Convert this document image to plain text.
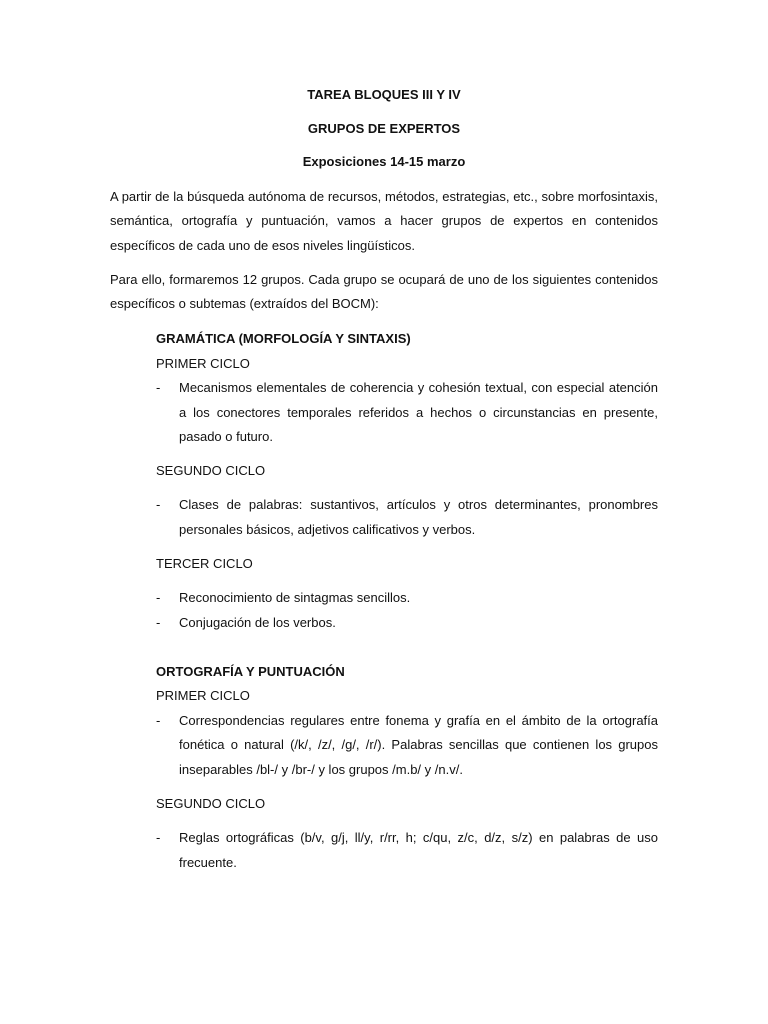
TAREA BLOQUES III Y IV
GRUPOS DE EXPERTOS
Exposiciones 14-15 marzo
A partir de la búsqueda autónoma de recursos, métodos, estrategias, etc., sobre morfosintaxis,
semántica, ortografía y puntuación, vamos a hacer grupos de expertos en contenidos
específicos de cada uno de esos niveles lingüísticos.
Para ello, formaremos 12 grupos. Cada grupo se ocupará de uno de los siguientes contenidos
específicos o subtemas (extraídos del BOCM):
GRAMÁTICA (MORFOLOGÍA Y SINTAXIS)
PRIMER CICLO
- Mecanismos elementales de coherencia y cohesión textual, con especial atención
a los conectores temporales referidos a hechos o circunstancias en presente,
pasado o futuro.
SEGUNDO CICLO
- Clases de palabras: sustantivos, artículos y otros determinantes, pronombres
personales básicos, adjetivos calificativos y verbos.
TERCER CICLO
- Reconocimiento de sintagmas sencillos.
- Conjugación de los verbos.
ORTOGRAFÍA Y PUNTUACIÓN
PRIMER CICLO
- Correspondencias regulares entre fonema y grafía en el ámbito de la ortografía
fonética o natural (/k/, /z/, /g/, /r/). Palabras sencillas que contienen los grupos
inseparables /bl-/ y /br-/ y los grupos /m.b/ y /n.v/.
SEGUNDO CICLO
- Reglas ortográficas (b/v, g/j, ll/y, r/rr, h; c/qu, z/c, d/z, s/z) en palabras de uso
frecuente.
